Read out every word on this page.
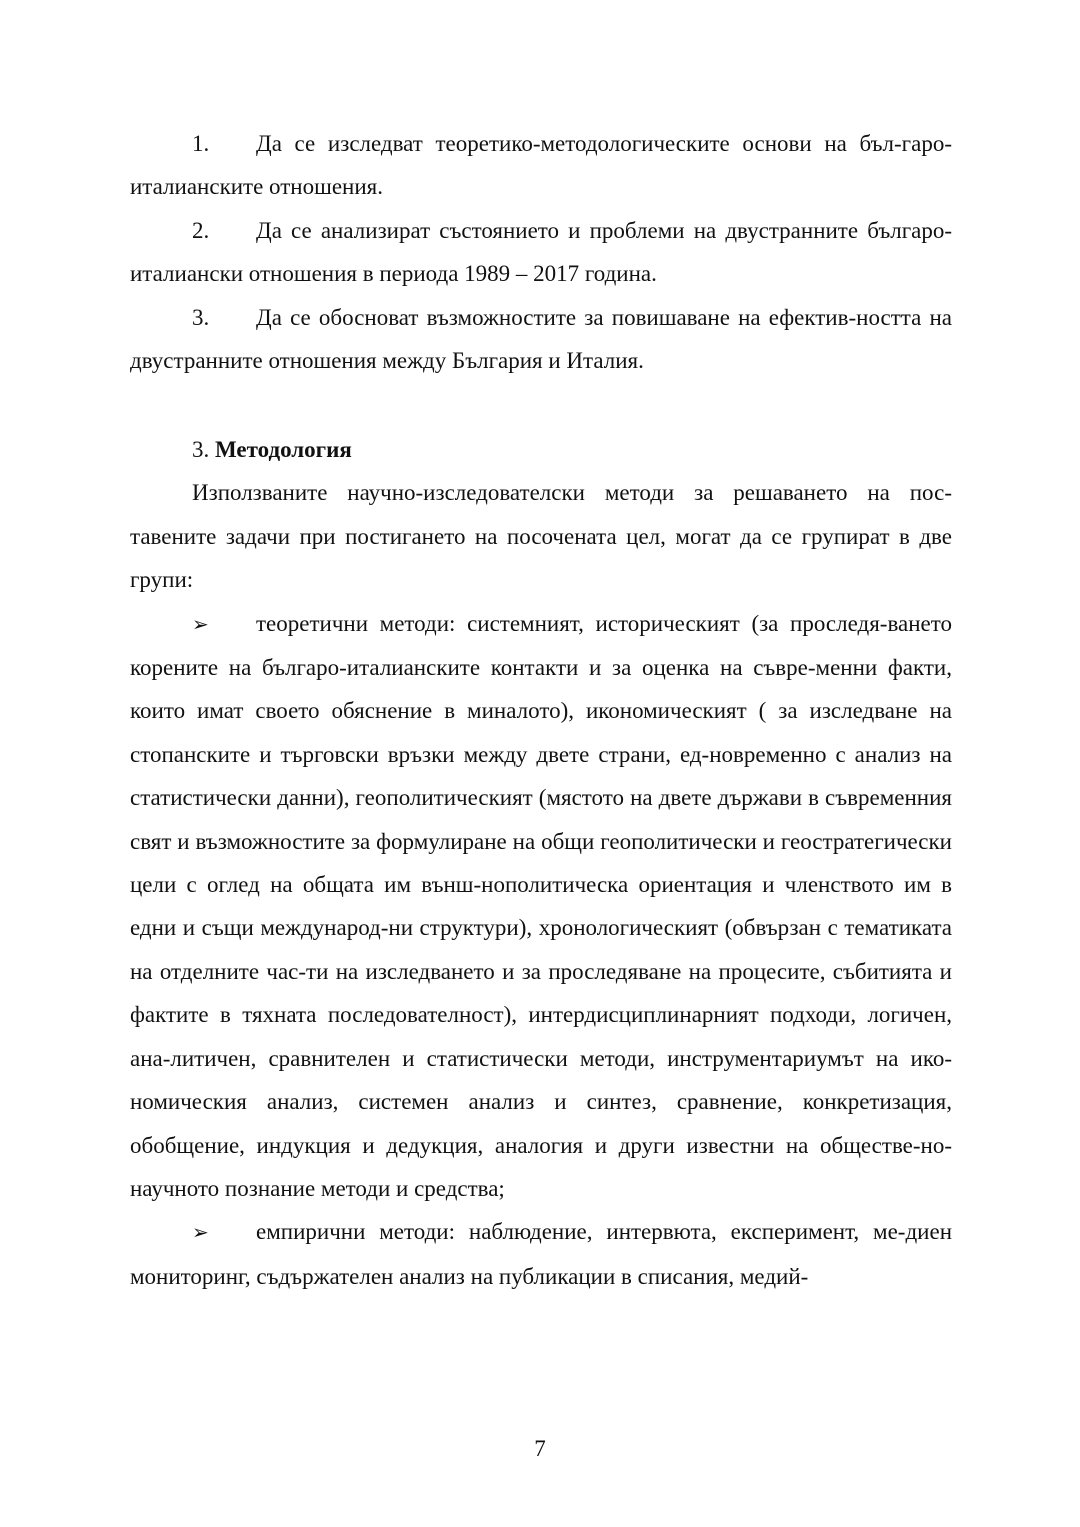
1. Да се изследват теоретико-методологическите основи на бъл-гаро-италианските отношения.

2. Да се анализират състоянието и проблеми на двустранните българо-италиански отношения в периода 1989 – 2017 година.

3. Да се обосноват възможностите за повишаване на ефектив-ността на двустранните отношения между България и Италия.

3. Методология

Използваните научно-изследователски методи за решаването на пос-тавените задачи при постигането на посочената цел, могат да се групират в две групи:

➢ теоретични методи: системният, историческият (за проследя-ването корените на българо-италианските контакти и за оценка на съвре-менни факти, които имат своето обяснение в миналото), икономическият ( за изследване на стопанските и търговски връзки между двете страни, ед-новременно с анализ на статистически данни), геополитическият (мястото на двете държави в съвременния свят и възможностите за формулиране на общи геополитически и геостратегически цели с оглед на общата им външ-нополитическа ориентация и членството им в едни и същи международ-ни структури), хронологическият (обвързан с тематиката на отделните час-ти на изследването и за проследяване на процесите, събитията и фактите в тяхната последователност), интердисциплинарният подходи, логичен, ана-литичен, сравнителен и статистически методи, инструментариумът на ико-номическия анализ, системен анализ и синтез, сравнение, конкретизация, обобщение, индукция и дедукция, аналогия и други известни на обществе-но-научното познание методи и средства;

➢ емпирични методи: наблюдение, интервюта, експеримент, ме-диен мониторинг, съдържателен анализ на публикации в списания, медий-

7
